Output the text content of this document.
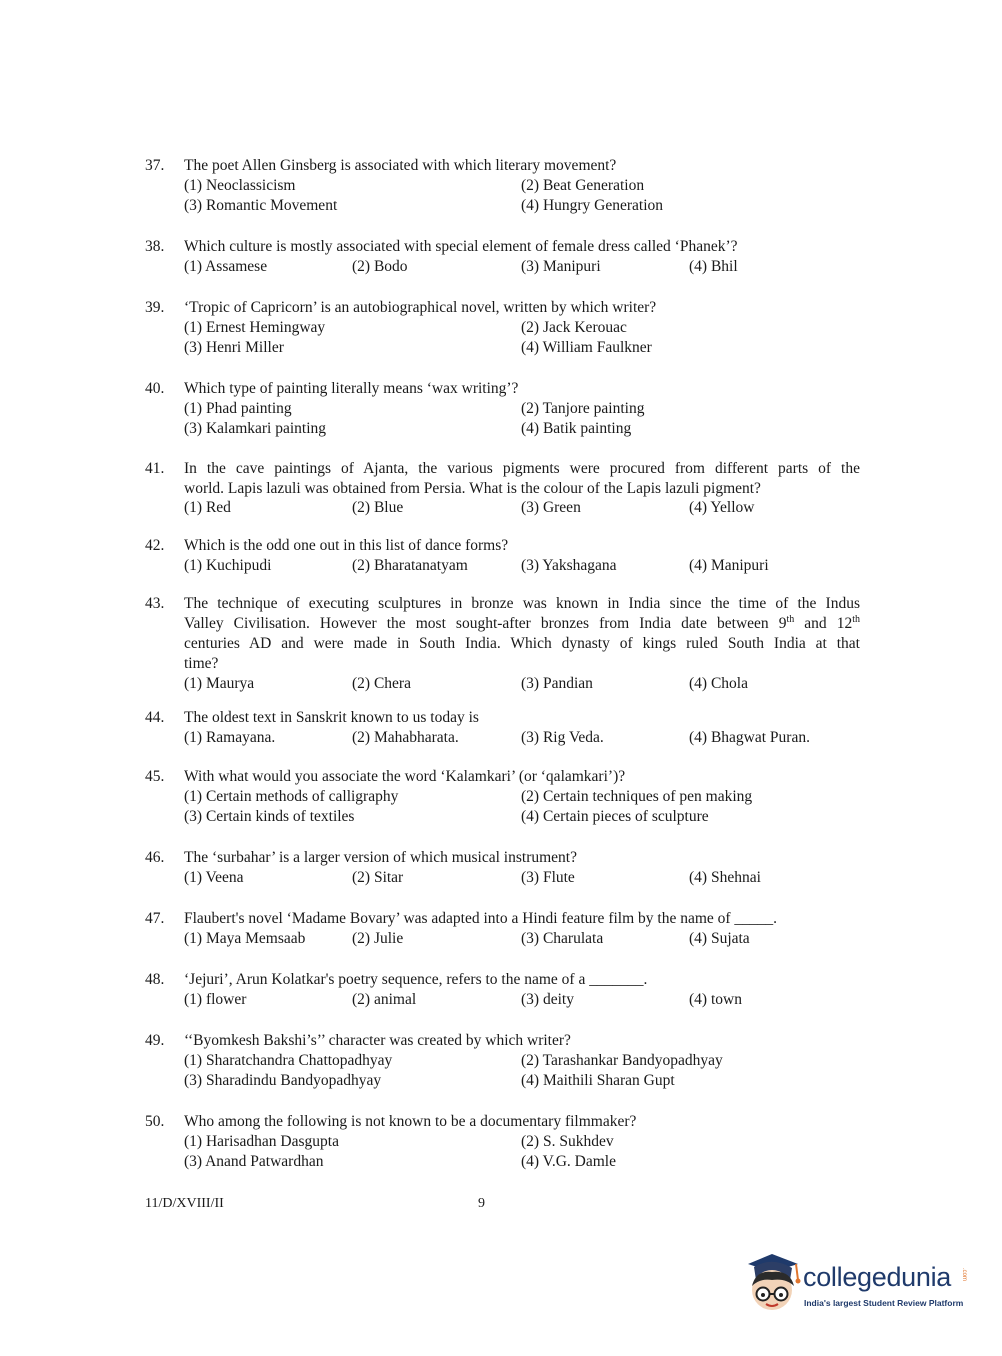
37. The poet Allen Ginsberg is associated with which literary movement?
(1) Neoclassicism	(2) Beat Generation
(3) Romantic Movement	(4) Hungry Generation
38. Which culture is mostly associated with special element of female dress called ‘Phanek’?
(1) Assamese	(2) Bodo	(3) Manipuri	(4) Bhil
39. ‘Tropic of Capricorn’ is an autobiographical novel, written by which writer?
(1) Ernest Hemingway	(2) Jack Kerouac
(3) Henri Miller	(4) William Faulkner
40. Which type of painting literally means ‘wax writing’?
(1) Phad painting	(2) Tanjore painting
(3) Kalamkari painting	(4) Batik painting
41. In the cave paintings of Ajanta, the various pigments were procured from different parts of the
world. Lapis lazuli was obtained from Persia. What is the colour of the Lapis lazuli pigment?
(1) Red	(2) Blue	(3) Green	(4) Yellow
42. Which is the odd one out in this list of dance forms?
(1) Kuchipudi	(2) Bharatanatyam	(3) Yakshagana	(4) Manipuri
43. The technique of executing sculptures in bronze was known in India since the time of the Indus
Valley Civilisation. However the most sought-after bronzes from India date between 9th and 12th
centuries AD and were made in South India. Which dynasty of kings ruled South India at that
time?
(1) Maurya	(2) Chera	(3) Pandian	(4) Chola
44. The oldest text in Sanskrit known to us today is
(1) Ramayana.	(2) Mahabharata.	(3) Rig Veda.	(4) Bhagwat Puran.
45. With what would you associate the word ‘Kalamkari’ (or ‘qalamkari’)?
(1) Certain methods of calligraphy	(2) Certain techniques of pen making
(3) Certain kinds of textiles	(4) Certain pieces of sculpture
46. The ‘surbahar’ is a larger version of which musical instrument?
(1) Veena	(2) Sitar	(3) Flute	(4) Shehnai
47. Flaubert's novel ‘Madame Bovary’ was adapted into a Hindi feature film by the name of _____.
(1) Maya Memsaab	(2) Julie	(3) Charulata	(4) Sujata
48. ‘Jejuri’, Arun Kolatkar's poetry sequence, refers to the name of a _______.
(1) flower	(2) animal	(3) deity	(4) town
49. ‘‘Byomkesh Bakshi’s’’ character was created by which writer?
(1) Sharatchandra Chattopadhyay	(2) Tarashankar Bandyopadhyay
(3) Sharadindu Bandyopadhyay	(4) Maithili Sharan Gupt
50. Who among the following is not known to be a documentary filmmaker?
(1) Harisadhan Dasgupta	(2) S. Sukhdev
(3) Anand Patwardhan	(4) V.G. Damle
11/D/XVIII/II	9
collegedunia .com
India's largest Student Review Platform
